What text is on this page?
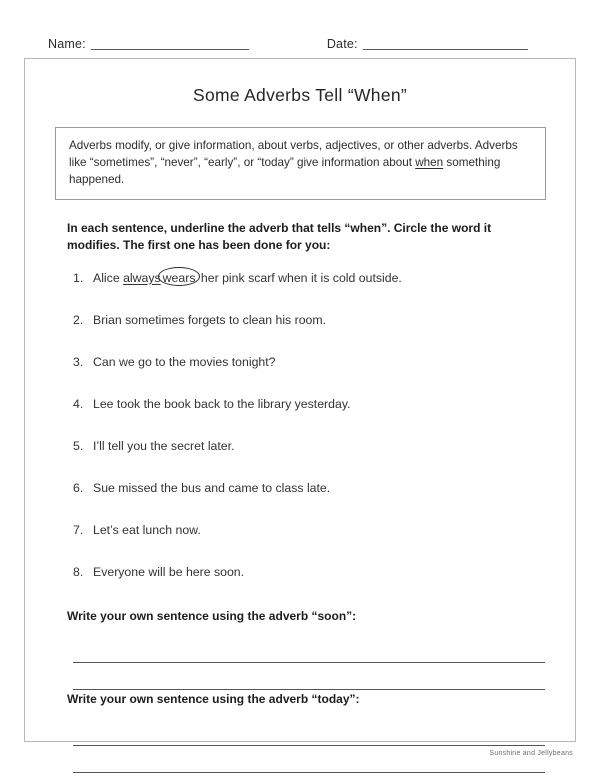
Name:	Date:
Some Adverbs Tell “When”
Adverbs modify, or give information, about verbs, adjectives, or other adverbs. Adverbs like “sometimes”, “never”, “early”, or “today” give information about when something happened.

In each sentence, underline the adverb that tells “when”. Circle the word it modifies. The first one has been done for you:

1. Alice always wears her pink scarf when it is cold outside.
2. Brian sometimes forgets to clean his room.
3. Can we go to the movies tonight?
4. Lee took the book back to the library yesterday.
5. I’ll tell you the secret later.
6. Sue missed the bus and came to class late.
7. Let’s eat lunch now.
8. Everyone will be here soon.

Write your own sentence using the adverb “soon”:

Write your own sentence using the adverb “today”:

Sunshine and Jellybeans
